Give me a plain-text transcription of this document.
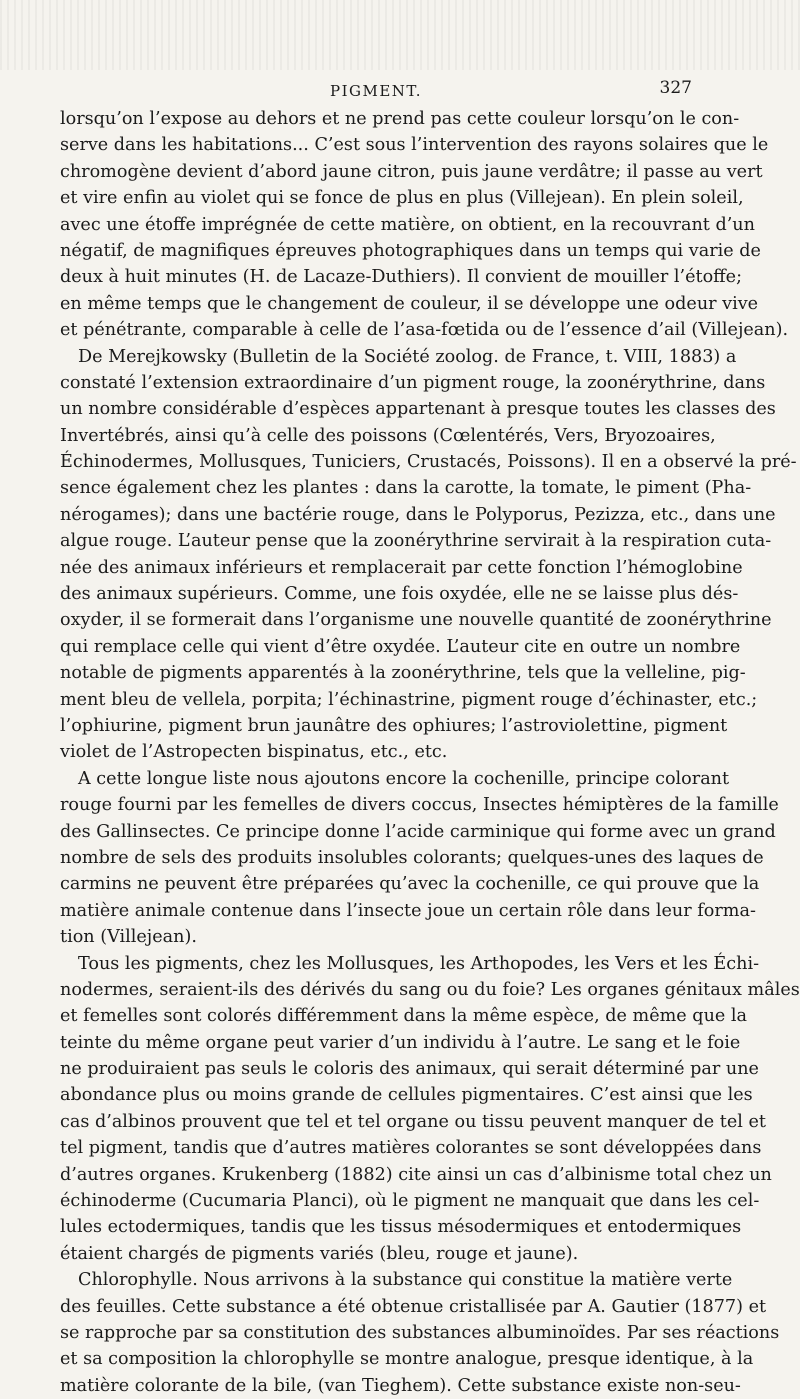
PIGMENT.	327
lorsqu’on l’expose au dehors et ne prend pas cette couleur lorsqu’on le con-
serve dans les habitations... C’est sous l’intervention des rayons solaires que le
chromogène devient d’abord jaune citron, puis jaune verdâtre; il passe au vert
et vire enfin au violet qui se fonce de plus en plus (Villejean). En plein soleil,
avec une étoffe imprégnée de cette matière, on obtient, en la recouvrant d’un
négatif, de magnifiques épreuves photographiques dans un temps qui varie de
deux à huit minutes (H. de Lacaze-Duthiers). Il convient de mouiller l’étoffe;
en même temps que le changement de couleur, il se développe une odeur vive
et pénétrante, comparable à celle de l’asa-fœtida ou de l’essence d’ail (Villejean).
De Merejkowsky (Bulletin de la Société zoolog. de France, t. VIII, 1883) a
constaté l’extension extraordinaire d’un pigment rouge, la zoonérythrine, dans
un nombre considérable d’espèces appartenant à presque toutes les classes des
Invertébrés, ainsi qu’à celle des poissons (Cœlentérés, Vers, Bryozoaires,
Échinodermes, Mollusques, Tuniciers, Crustacés, Poissons). Il en a observé la pré-
sence également chez les plantes : dans la carotte, la tomate, le piment (Pha-
nérogames); dans une bactérie rouge, dans le Polyporus, Pezizza, etc., dans une
algue rouge. L’auteur pense que la zoonérythrine servirait à la respiration cuta-
née des animaux inférieurs et remplacerait par cette fonction l’hémoglobine
des animaux supérieurs. Comme, une fois oxydée, elle ne se laisse plus dés-
oxyder, il se formerait dans l’organisme une nouvelle quantité de zoonérythrine
qui remplace celle qui vient d’être oxydée. L’auteur cite en outre un nombre
notable de pigments apparentés à la zoonérythrine, tels que la velleline, pig-
ment bleu de vellela, porpita; l’échinastrine, pigment rouge d’échinaster, etc.;
l’ophiurine, pigment brun jaunâtre des ophiures; l’astroviolettine, pigment
violet de l’Astropecten bispinatus, etc., etc.
A cette longue liste nous ajoutons encore la cochenille, principe colorant
rouge fourni par les femelles de divers coccus, Insectes hémiptères de la famille
des Gallinsectes. Ce principe donne l’acide carminique qui forme avec un grand
nombre de sels des produits insolubles colorants; quelques-unes des laques de
carmins ne peuvent être préparées qu’avec la cochenille, ce qui prouve que la
matière animale contenue dans l’insecte joue un certain rôle dans leur forma-
tion (Villejean).
Tous les pigments, chez les Mollusques, les Arthopodes, les Vers et les Échi-
nodermes, seraient-ils des dérivés du sang ou du foie? Les organes génitaux mâles
et femelles sont colorés différemment dans la même espèce, de même que la
teinte du même organe peut varier d’un individu à l’autre. Le sang et le foie
ne produiraient pas seuls le coloris des animaux, qui serait déterminé par une
abondance plus ou moins grande de cellules pigmentaires. C’est ainsi que les
cas d’albinos prouvent que tel et tel organe ou tissu peuvent manquer de tel et
tel pigment, tandis que d’autres matières colorantes se sont développées dans
d’autres organes. Krukenberg (1882) cite ainsi un cas d’albinisme total chez un
échinoderme (Cucumaria Planci), où le pigment ne manquait que dans les cel-
lules ectodermiques, tandis que les tissus mésodermiques et entodermiques
étaient chargés de pigments variés (bleu, rouge et jaune).
Chlorophylle. Nous arrivons à la substance qui constitue la matière verte
des feuilles. Cette substance a été obtenue cristallisée par A. Gautier (1877) et
se rapproche par sa constitution des substances albuminoïdes. Par ses réactions
et sa composition la chlorophylle se montre analogue, presque identique, à la
matière colorante de la bile, (van Tieghem). Cette substance existe non-seu-
